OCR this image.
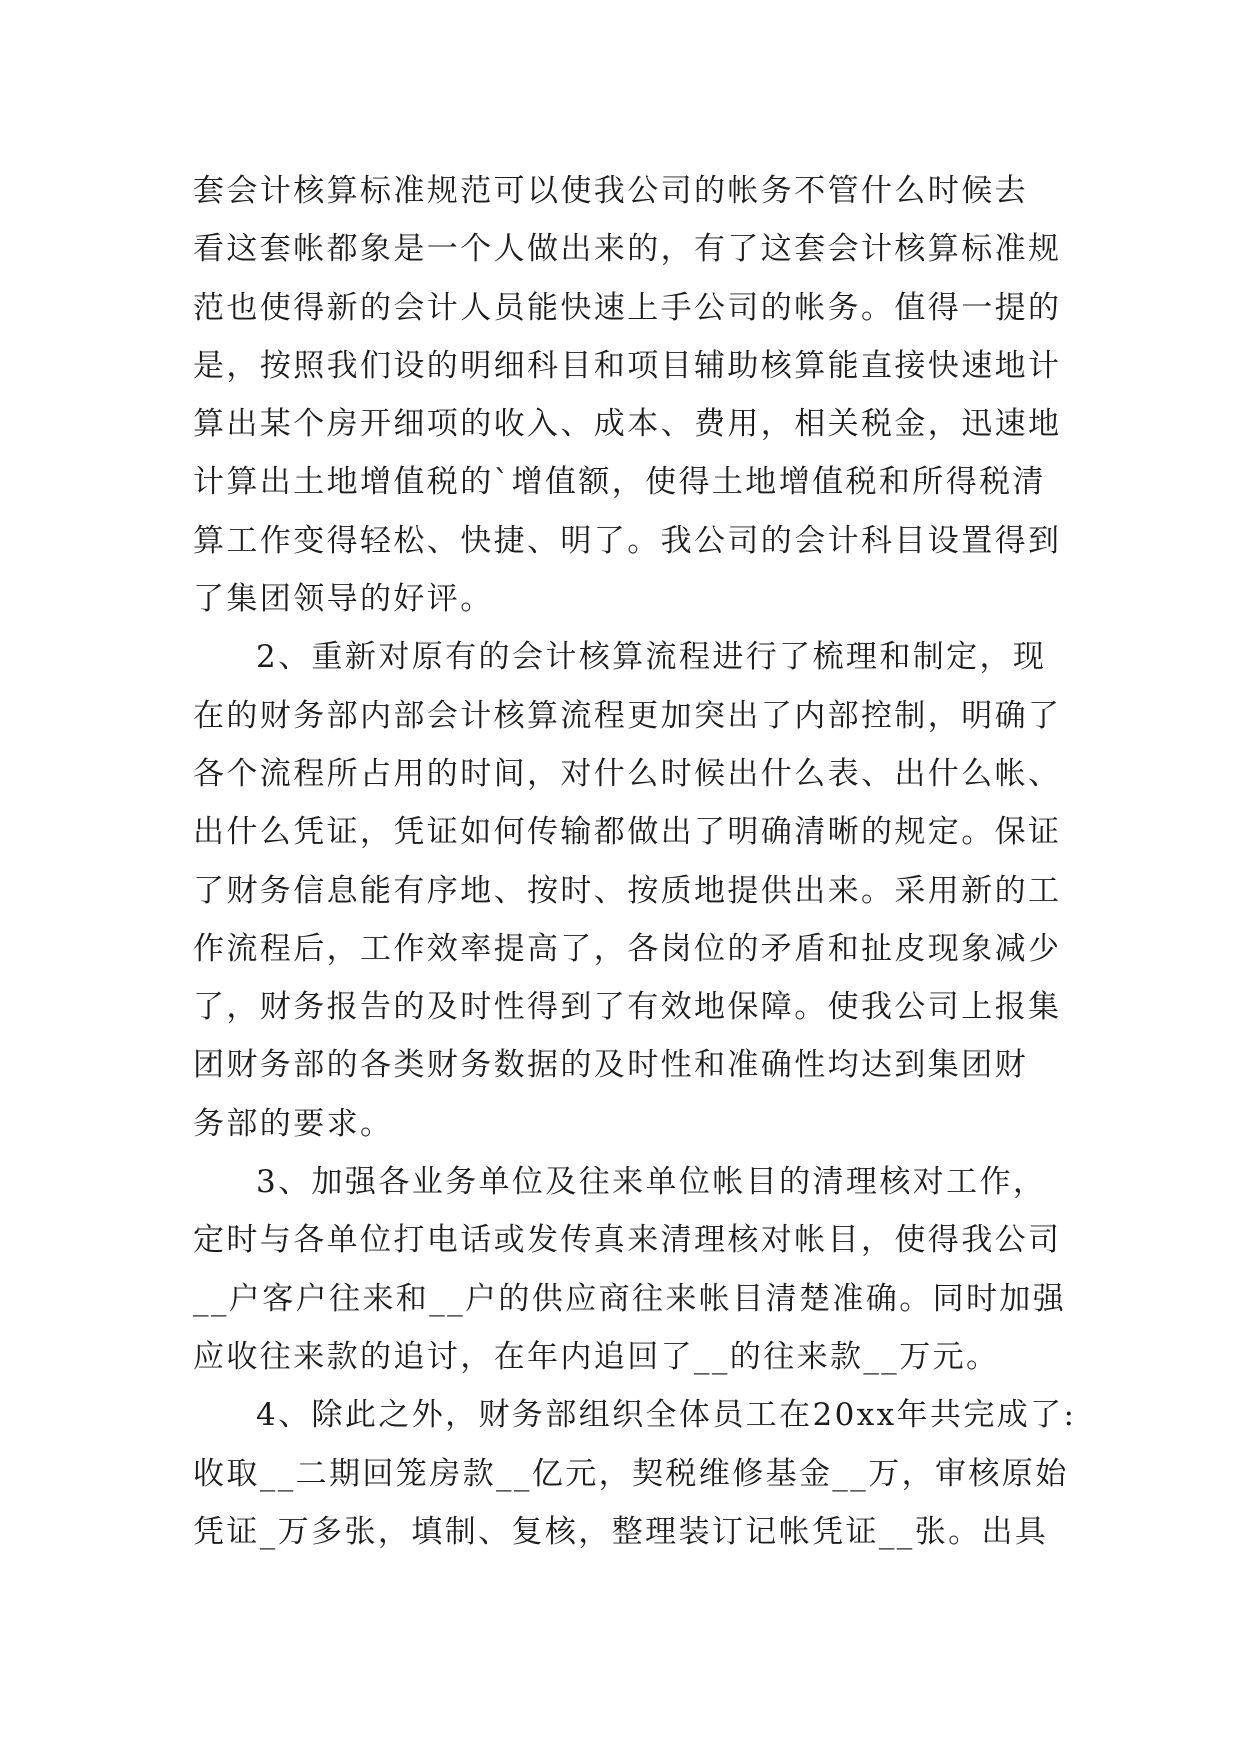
套会计核算标准规范可以使我公司的帐务不管什么时候去
看这套帐都象是一个人做出来的，有了这套会计核算标准规
范也使得新的会计人员能快速上手公司的帐务。值得一提的
是，按照我们设的明细科目和项目辅助核算能直接快速地计
算出某个房开细项的收入、成本、费用，相关税金，迅速地
计算出土地增值税的`增值额，使得土地增值税和所得税清
算工作变得轻松、快捷、明了。我公司的会计科目设置得到
了集团领导的好评。
2、重新对原有的会计核算流程进行了梳理和制定，现
在的财务部内部会计核算流程更加突出了内部控制，明确了
各个流程所占用的时间，对什么时候出什么表、出什么帐、
出什么凭证，凭证如何传输都做出了明确清晰的规定。保证
了财务信息能有序地、按时、按质地提供出来。采用新的工
作流程后，工作效率提高了，各岗位的矛盾和扯皮现象减少
了，财务报告的及时性得到了有效地保障。使我公司上报集
团财务部的各类财务数据的及时性和准确性均达到集团财
务部的要求。
3、加强各业务单位及往来单位帐目的清理核对工作，
定时与各单位打电话或发传真来清理核对帐目，使得我公司
__户客户往来和__户的供应商往来帐目清楚准确。同时加强
应收往来款的追讨，在年内追回了__的往来款__万元。
4、除此之外，财务部组织全体员工在20xx年共完成了:
收取__二期回笼房款__亿元，契税维修基金__万，审核原始
凭证_万多张，填制、复核，整理装订记帐凭证__张。出具
